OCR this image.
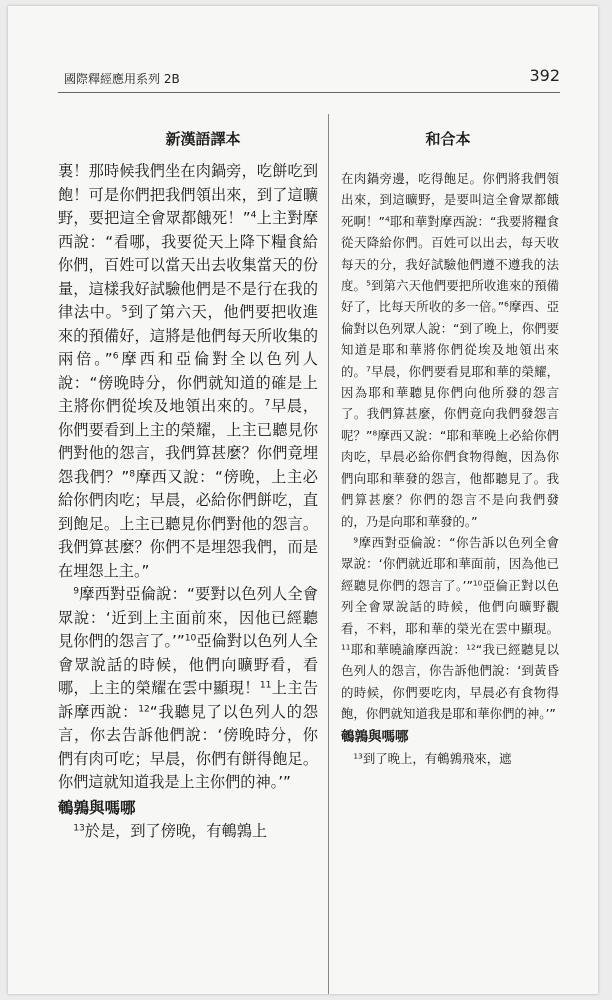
國際釋經應用系列 2B	392
新漢語譯本	和合本

裏！那時候我們坐在肉鍋旁，吃餅吃到飽！可是你們把我們領出來，到了這曠野，要把這全會眾都餓死！”$^4$上主對摩西說：“看哪，我要從天上降下糧食給你們，百姓可以當天出去收集當天的份量，這樣我好試驗他們是不是行在我的律法中。$^5$到了第六天，他們要把收進來的預備好，這將是他們每天所收集的兩倍。”$^6$摩西和亞倫對全以色列人說：“傍晚時分，你們就知道的確是上主將你們從埃及地領出來的。$^7$早晨，你們要看到上主的榮耀，上主已聽見你們對他的怨言，我們算甚麼？你們竟埋怨我們？”$^8$摩西又說：“傍晚，上主必給你們肉吃；早晨，必給你們餅吃，直到飽足。上主已聽見你們對他的怨言。我們算甚麼？你們不是埋怨我們，而是在埋怨上主。”

$^9$摩西對亞倫說：“要對以色列人全會眾說：‘近到上主面前來，因他已經聽見你們的怨言了。’”$^{10}$亞倫對以色列人全會眾說話的時候，他們向曠野看，看哪，上主的榮耀在雲中顯現！$^{11}$上主告訴摩西說：$^{12}$“我聽見了以色列人的怨言，你去告訴他們說：‘傍晚時分，你們有肉可吃；早晨，你們有餅得飽足。你們這就知道我是上主你們的神。’”

鵪鶉與嗎哪

$^{13}$於是，到了傍晚，有鵪鶉上

在肉鍋旁邊，吃得飽足。你們將我們領出來，到這曠野，是要叫這全會眾都餓死啊！”$^4$耶和華對摩西說：“我要將糧食從天降給你們。百姓可以出去，每天收每天的分，我好試驗他們遵不遵我的法度。$^5$到第六天他們要把所收進來的預備好了，比每天所收的多一倍。”$^6$摩西、亞倫對以色列眾人說：“到了晚上，你們要知道是耶和華將你們從埃及地領出來的。$^7$早晨，你們要看見耶和華的榮耀，因為耶和華聽見你們向他所發的怨言了。我們算甚麼，你們竟向我們發怨言呢？”$^8$摩西又說：“耶和華晚上必給你們肉吃，早晨必給你們食物得飽，因為你們向耶和華發的怨言，他都聽見了。我們算甚麼？你們的怨言不是向我們發的，乃是向耶和華發的。”

$^9$摩西對亞倫說：“你告訴以色列全會眾說：‘你們就近耶和華面前，因為他已經聽見你們的怨言了。’”$^{10}$亞倫正對以色列全會眾說話的時候，他們向曠野觀看，不料，耶和華的榮光在雲中顯現。$^{11}$耶和華曉諭摩西說：$^{12}$“我已經聽見以色列人的怨言，你告訴他們說：‘到黃昏的時候，你們要吃肉，早晨必有食物得飽，你們就知道我是耶和華你們的神。’”

鵪鶉與嗎哪

$^{13}$到了晚上，有鵪鶉飛來，遮
